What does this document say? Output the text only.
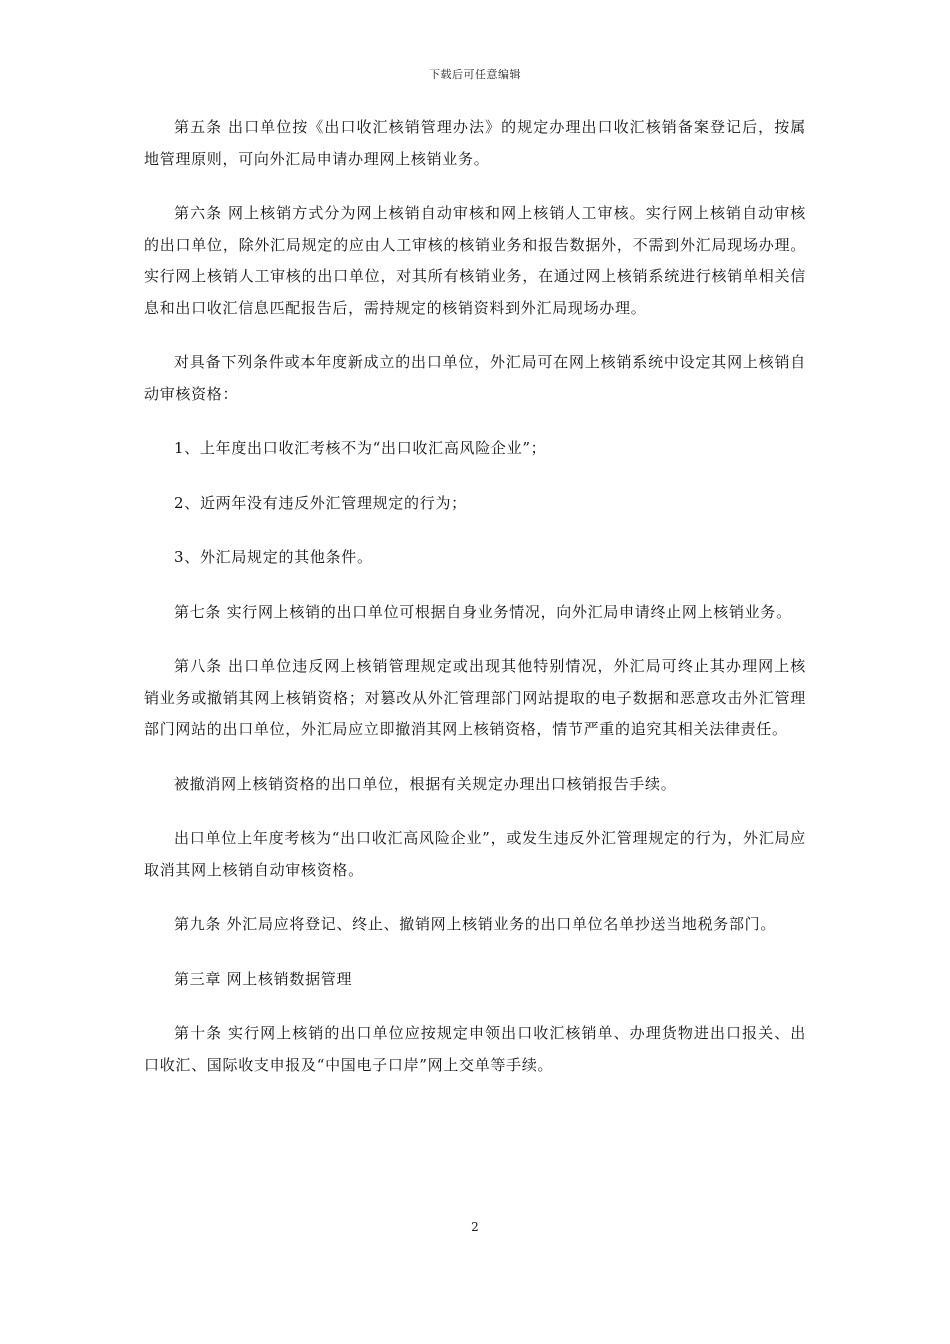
下载后可任意编辑

第五条 出口单位按《出口收汇核销管理办法》的规定办理出口收汇核销备案登记后，按属地管理原则，可向外汇局申请办理网上核销业务。

第六条 网上核销方式分为网上核销自动审核和网上核销人工审核。实行网上核销自动审核的出口单位，除外汇局规定的应由人工审核的核销业务和报告数据外，不需到外汇局现场办理。实行网上核销人工审核的出口单位，对其所有核销业务，在通过网上核销系统进行核销单相关信息和出口收汇信息匹配报告后，需持规定的核销资料到外汇局现场办理。

对具备下列条件或本年度新成立的出口单位，外汇局可在网上核销系统中设定其网上核销自动审核资格：

1、上年度出口收汇考核不为“出口收汇高风险企业”；

2、近两年没有违反外汇管理规定的行为；

3、外汇局规定的其他条件。

第七条 实行网上核销的出口单位可根据自身业务情况，向外汇局申请终止网上核销业务。

第八条 出口单位违反网上核销管理规定或出现其他特别情况，外汇局可终止其办理网上核销业务或撤销其网上核销资格；对篡改从外汇管理部门网站提取的电子数据和恶意攻击外汇管理部门网站的出口单位，外汇局应立即撤消其网上核销资格，情节严重的追究其相关法律责任。

被撤消网上核销资格的出口单位，根据有关规定办理出口核销报告手续。

出口单位上年度考核为“出口收汇高风险企业”，或发生违反外汇管理规定的行为，外汇局应取消其网上核销自动审核资格。

第九条 外汇局应将登记、终止、撤销网上核销业务的出口单位名单抄送当地税务部门。

第三章 网上核销数据管理

第十条 实行网上核销的出口单位应按规定申领出口收汇核销单、办理货物进出口报关、出口收汇、国际收支申报及“中国电子口岸”网上交单等手续。

2
